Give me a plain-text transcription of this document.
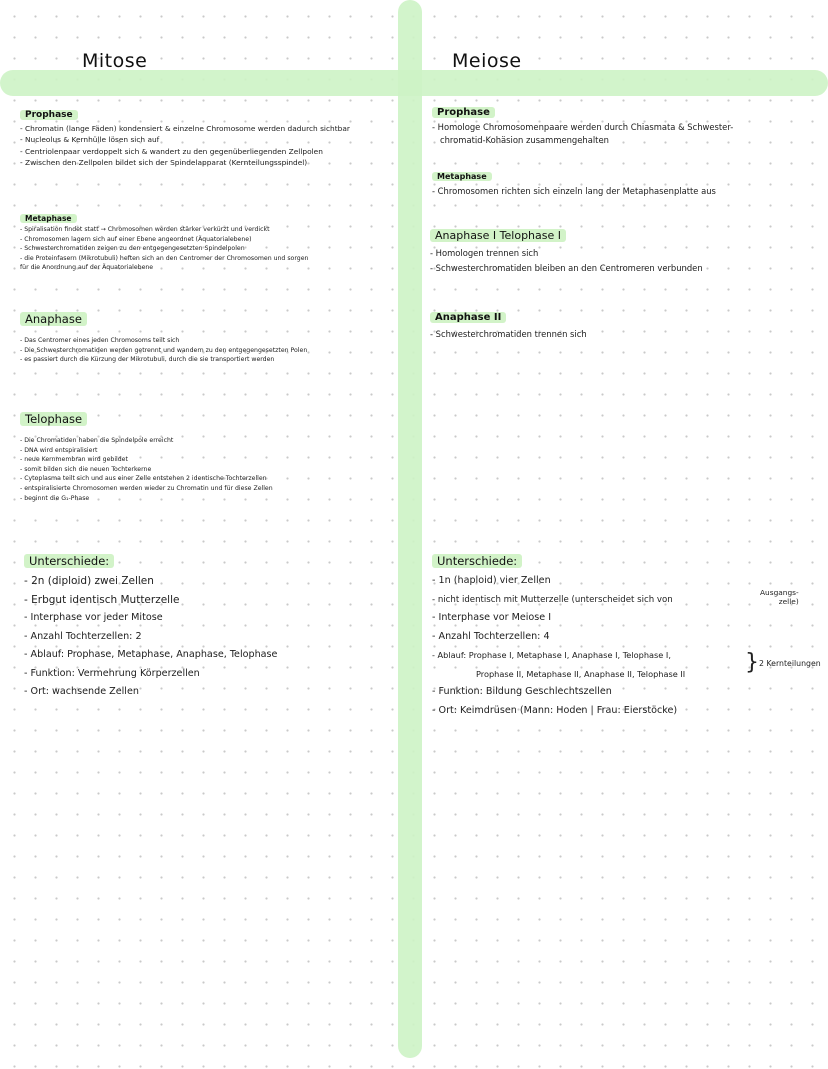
Mitose	Meiose
Prophase
- Chromatin (lange Fäden) kondensiert & einzelne Chromosome werden dadurch sichtbar
- Nucleolus & Kernhülle lösen sich auf
- Centriolenpaar verdoppelt sich & wandert zu den gegenüberliegenden Zellpolen
- Zwischen den Zellpolen bildet sich der Spindelapparat (Kernteilungsspindel)
Metaphase
- Spiralisation findet statt → Chromosomen werden stärker verkürzt und verdickt
- Chromosomen lagern sich auf einer Ebene angeordnet (Äquatorialebene)
- Schwesterchromatiden zeigen zu den entgegengesetzten Spindelpolen
- die Proteinfasern (Mikrotubuli) heften sich an den Centromer der Chromosomen und sorgen
für die Anordnung auf der Äquatorialebene
Anaphase
- Das Centromer eines jeden Chromosoms teilt sich
- Die Schwesterchromatiden werden getrennt und wandern zu den entgegengesetzten Polen
- es passiert durch die Kürzung der Mikrotubuli, durch die sie transportiert werden
Telophase
- Die Chromatiden haben die Spindelpole erreicht
- DNA wird entspiralisiert
- neue Kernmembran wird gebildet
- somit bilden sich die neuen Tochterkerne
- Cytoplasma teilt sich und aus einer Zelle entstehen 2 identische Tochterzellen
- entspiralisierte Chromosomen werden wieder zu Chromatin und für diese Zellen
- beginnt die G₁-Phase
Unterschiede:
- 2n (diploid) zwei Zellen
- Erbgut identisch Mutterzelle
- Interphase vor jeder Mitose
- Anzahl Tochterzellen: 2
- Ablauf: Prophase, Metaphase, Anaphase, Telophase
- Funktion: Vermehrung Körperzellen
- Ort: wachsende Zellen
Prophase
- Homologe Chromosomenpaare werden durch Chiasmata & Schwester-
chromatid-Kohäsion zusammengehalten
Metaphase
- Chromosomen richten sich einzeln lang der Metaphasenplatte aus
Anaphase I Telophase I
- Homologen trennen sich
- Schwesterchromatiden bleiben an den Centromeren verbunden
Anaphase II
- Schwesterchromatiden trennen sich
Unterschiede:
- 1n (haploid) vier Zellen
- nicht identisch mit Mutterzelle (unterscheidet sich von
- Interphase vor Meiose I
- Anzahl Tochterzellen: 4
- Ablauf: Prophase I, Metaphase I, Anaphase I, Telophase I,
Prophase II, Metaphase II, Anaphase II, Telophase II
- Funktion: Bildung Geschlechtszellen
- Ort: Keimdrüsen (Mann: Hoden | Frau: Eierstöcke)
Ausgangs-
zelle)
} 2 Kernteilungen
